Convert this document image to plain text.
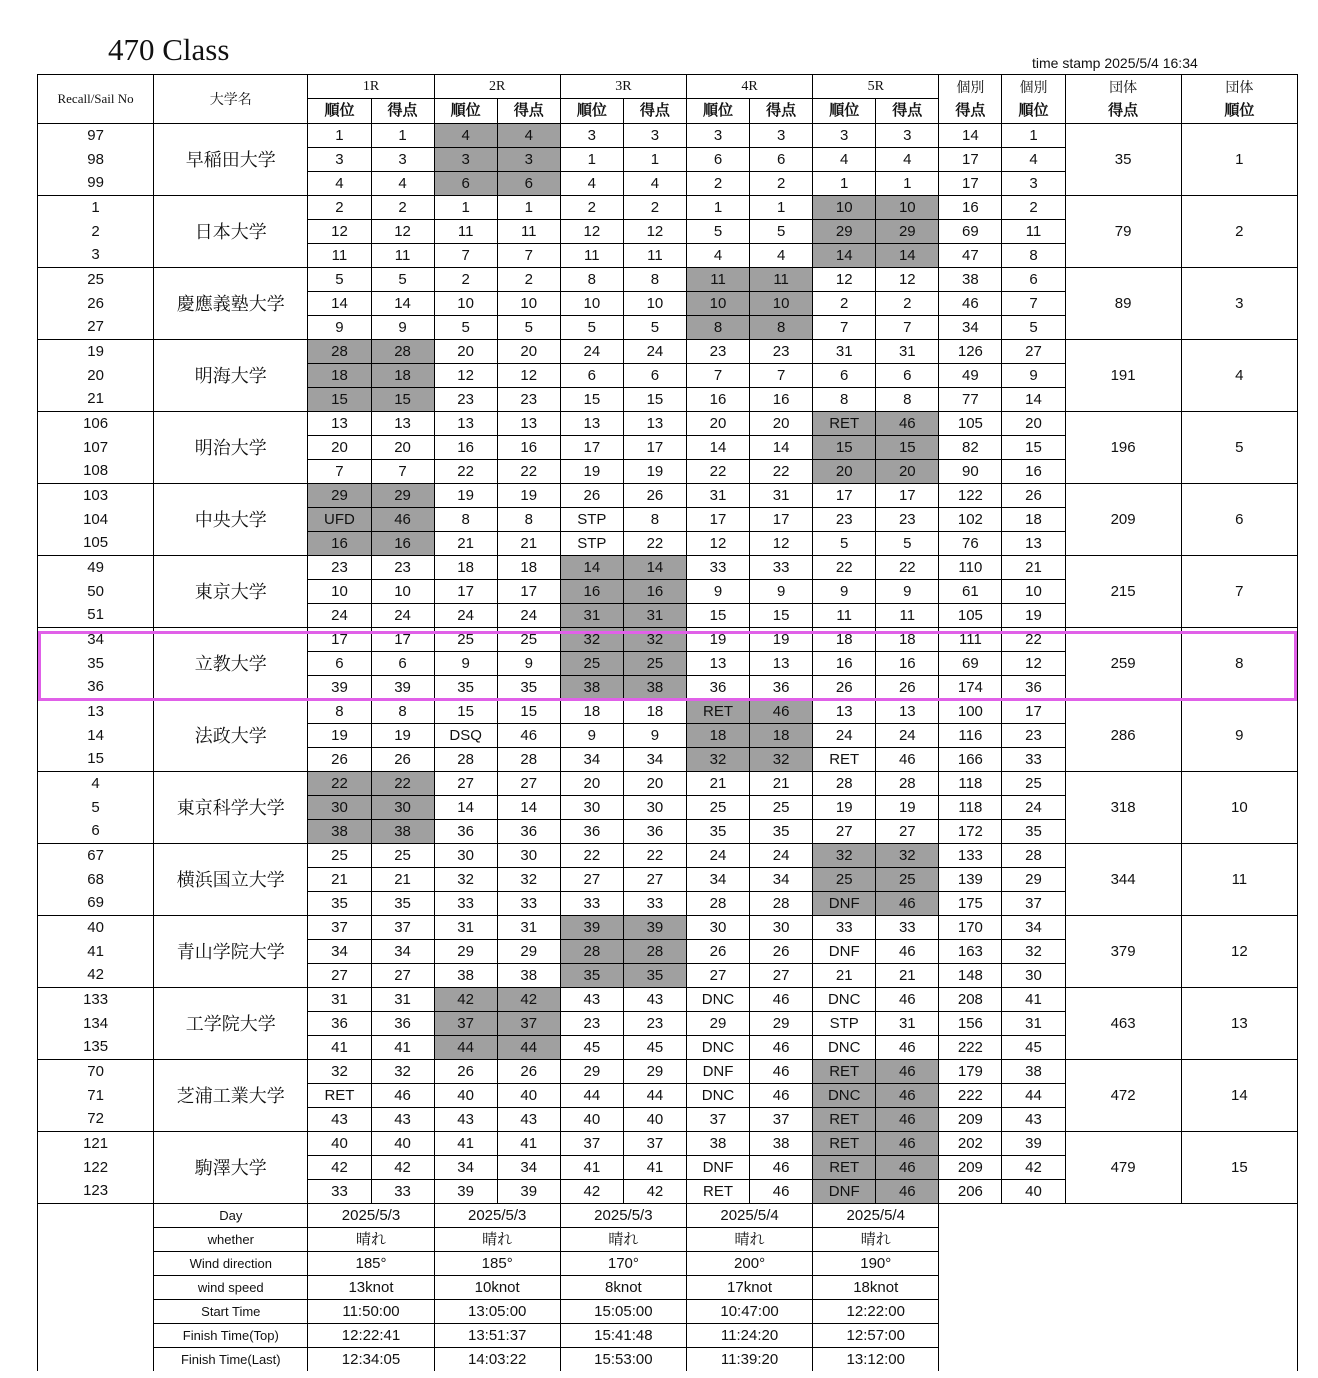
470 Class	time stamp 2025/5/4 16:34
Recall/Sail No	大学名	1R		2R		3R		4R		5R		個別	個別	団体	団体
		順位	得点	順位	得点	順位	得点	順位	得点	順位	得点	得点	順位	得点	順位
97	早稲田大学	1	1	4	4	3	3	3	3	3	3	14	1	35	1
98		3	3	3	3	1	1	6	6	4	4	17	4		
99		4	4	6	6	4	4	2	2	1	1	17	3		
1	日本大学	2	2	1	1	2	2	1	1	10	10	16	2	79	2
2		12	12	11	11	12	12	5	5	29	29	69	11		
3		11	11	7	7	11	11	4	4	14	14	47	8		
25	慶應義塾大学	5	5	2	2	8	8	11	11	12	12	38	6	89	3
26		14	14	10	10	10	10	10	10	2	2	46	7		
27		9	9	5	5	5	5	8	8	7	7	34	5		
19	明海大学	28	28	20	20	24	24	23	23	31	31	126	27	191	4
20		18	18	12	12	6	6	7	7	6	6	49	9		
21		15	15	23	23	15	15	16	16	8	8	77	14		
106	明治大学	13	13	13	13	13	13	20	20	RET	46	105	20	196	5
107		20	20	16	16	17	17	14	14	15	15	82	15		
108		7	7	22	22	19	19	22	22	20	20	90	16		
103	中央大学	29	29	19	19	26	26	31	31	17	17	122	26	209	6
104		UFD	46	8	8	STP	8	17	17	23	23	102	18		
105		16	16	21	21	STP	22	12	12	5	5	76	13		
49	東京大学	23	23	18	18	14	14	33	33	22	22	110	21	215	7
50		10	10	17	17	16	16	9	9	9	9	61	10		
51		24	24	24	24	31	31	15	15	11	11	105	19		
34	立教大学	17	17	25	25	32	32	19	19	18	18	111	22	259	8
35		6	6	9	9	25	25	13	13	16	16	69	12		
36		39	39	35	35	38	38	36	36	26	26	174	36		
13	法政大学	8	8	15	15	18	18	RET	46	13	13	100	17	286	9
14		19	19	DSQ	46	9	9	18	18	24	24	116	23		
15		26	26	28	28	34	34	32	32	RET	46	166	33		
4	東京科学大学	22	22	27	27	20	20	21	21	28	28	118	25	318	10
5		30	30	14	14	30	30	25	25	19	19	118	24		
6		38	38	36	36	36	36	35	35	27	27	172	35		
67	横浜国立大学	25	25	30	30	22	22	24	24	32	32	133	28	344	11
68		21	21	32	32	27	27	34	34	25	25	139	29		
69		35	35	33	33	33	33	28	28	DNF	46	175	37		
40	青山学院大学	37	37	31	31	39	39	30	30	33	33	170	34	379	12
41		34	34	29	29	28	28	26	26	DNF	46	163	32		
42		27	27	38	38	35	35	27	27	21	21	148	30		
133	工学院大学	31	31	42	42	43	43	DNC	46	DNC	46	208	41	463	13
134		36	36	37	37	23	23	29	29	STP	31	156	31		
135		41	41	44	44	45	45	DNC	46	DNC	46	222	45		
70	芝浦工業大学	32	32	26	26	29	29	DNF	46	RET	46	179	38	472	14
71		RET	46	40	40	44	44	DNC	46	DNC	46	222	44		
72		43	43	43	43	40	40	37	37	RET	46	209	43		
121	駒澤大学	40	40	41	41	37	37	38	38	RET	46	202	39	479	15
122		42	42	34	34	41	41	DNF	46	RET	46	209	42		
123		33	33	39	39	42	42	RET	46	DNF	46	206	40		
	Day	2025/5/3		2025/5/3		2025/5/3		2025/5/4		2025/5/4					
	whether	晴れ		晴れ		晴れ		晴れ		晴れ					
	Wind direction	185°		185°		170°		200°		190°					
	wind speed	13knot		10knot		8knot		17knot		18knot					
	Start Time	11:50:00		13:05:00		15:05:00		10:47:00		12:22:00					
	Finish Time(Top)	12:22:41		13:51:37		15:41:48		11:24:20		12:57:00					
	Finish Time(Last)	12:34:05		14:03:22		15:53:00		11:39:20		13:12:00					
